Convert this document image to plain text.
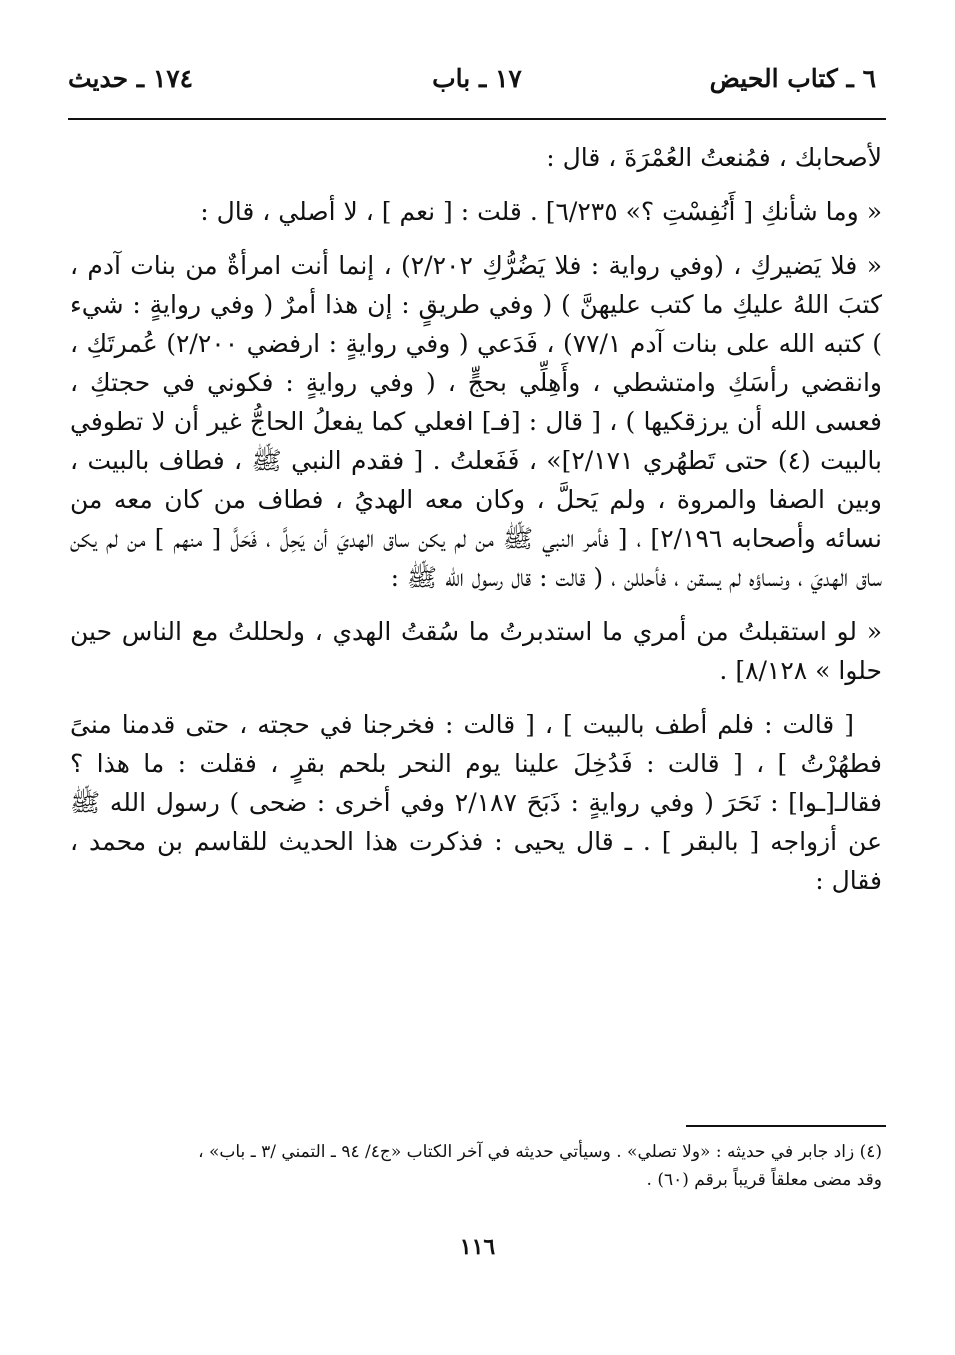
٦ ـ كتاب الحيض
١٧ ـ باب
١٧٤ ـ حديث

لأصحابك ، فمُنعتُ العُمْرَةَ ، قال :

« وما شأنكِ [ أَنُفِسْتِ ؟» ٦/٢٣٥] . قلت : [ نعم ] ، لا أصلي ، قال :

« فلا يَضيركِ ، (وفي رواية : فلا يَضُرُّكِ ٢/٢٠٢) ، إنما أنت امرأةٌ من بنات آدم ، كتبَ اللهُ عليكِ ما كتب عليهنَّ ) ( وفي طريقٍ : إن هذا أمرٌ ( وفي روايةٍ : شيء ) كتبه الله على بنات آدم ٧٧/١) ، فَدَعي ( وفي روايةٍ : ارفضي ٢/٢٠٠) عُمرتَكِ ، وانقضي رأسَكِ وامتشطي ، وأَهِلِّي بحجٍّ ، ( وفي روايةٍ : فكوني في حجتكِ ، فعسى الله أن يرزقكيها ) ، [ قال : [فـ] افعلي كما يفعلُ الحاجُّ غير أن لا تطوفي بالبيت (٤) حتى تَطهُري ٢/١٧١]» ، فَفَعلتُ . [ فقدم النبي ﷺ ، فطاف بالبيت ، وبين الصفا والمروة ، ولم يَحلَّ ، وكان معه الهديُ ، فطاف من كان معه من نسائه وأصحابه ٢/١٩٦] ، [ فأمر النبي ﷺ من لم يكن ساق الهديَ أن يَحِلَّ ، فَحَلَّ [ منهم ] من لم يكن ساق الهديَ ، ونساؤه لم يسقن ، فأحللن ، ( قالت : قال رسول الله ﷺ :

« لو استقبلتُ من أمري ما استدبرتُ ما سُقتُ الهدي ، ولحللتُ مع الناس حين حلوا » ٨/١٢٨] .

[ قالت : فلم أطف بالبيت ] ، [ قالت : فخرجنا في حجته ، حتى قدمنا منىً فطهُرْتُ ] ، [ قالت : فَدُخِلَ علينا يوم النحر بلحم بقرٍ ، فقلت : ما هذا ؟ فقالـ[ـوا] : نَحَرَ ( وفي روايةٍ : ذَبَحَ ٢/١٨٧ وفي أخرى : ضحى ) رسول الله ﷺ عن أزواجه [ بالبقر ] . ـ قال يحيى : فذكرت هذا الحديث للقاسم بن محمد ، فقال :

(٤) زاد جابر في حديثه : «ولا تصلي» . وسيأتي حديثه في آخر الكتاب «ج٤/ ٩٤ ـ التمني /٣ ـ باب» ،

وقد مضى معلقاً قريباً برقم (٦٠) .

١١٦
